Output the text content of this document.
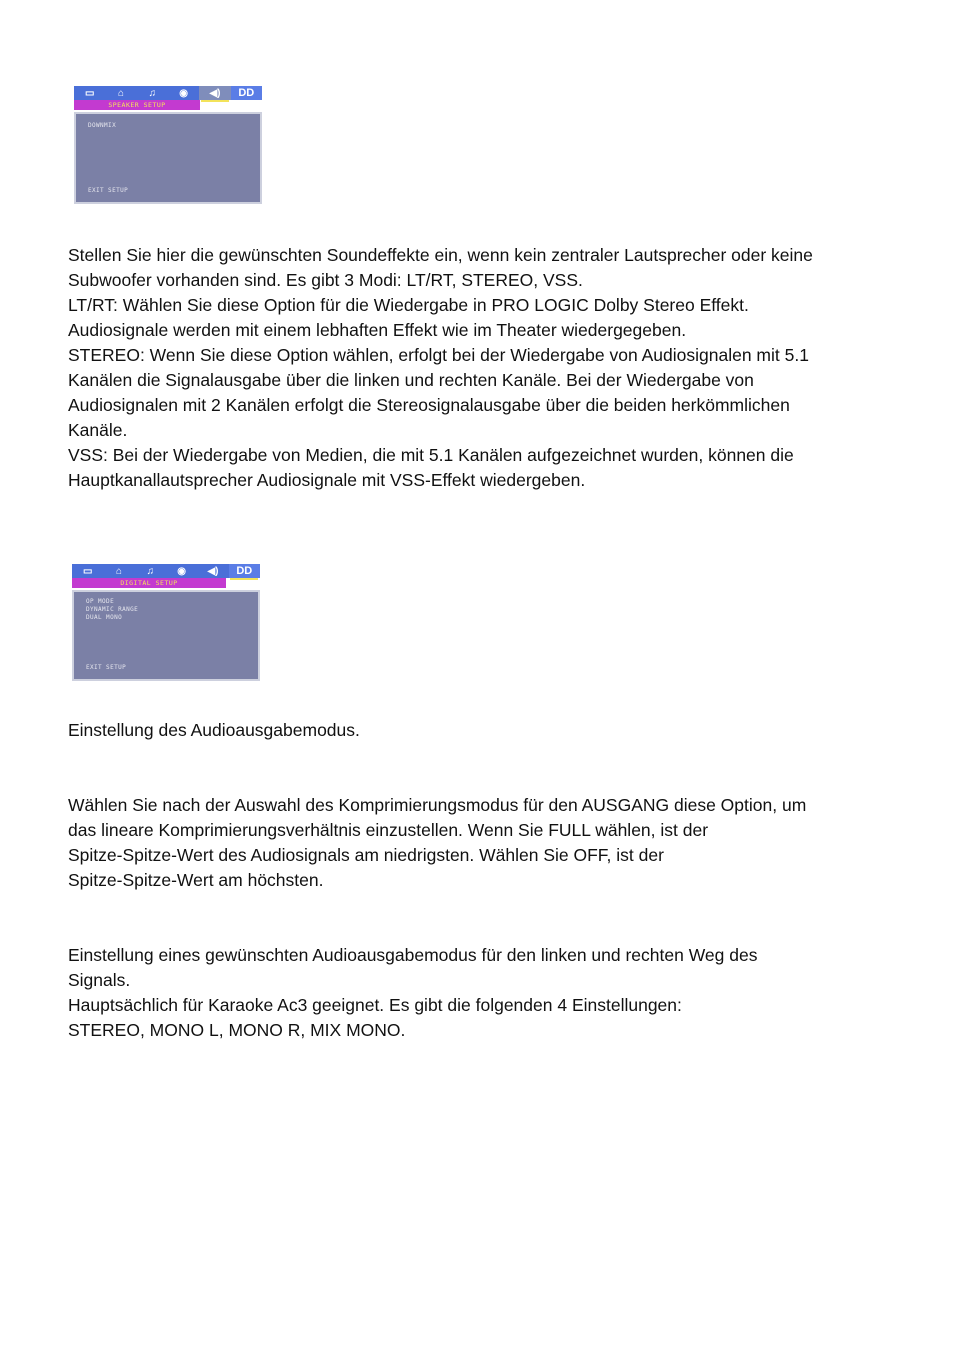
▭	⌂	♫	◉	◀)	DD
SPEAKER SETUP
DOWNMIX
EXIT SETUP

Stellen Sie hier die gewünschten Soundeffekte ein, wenn kein zentraler Lautsprecher oder keine
Subwoofer vorhanden sind. Es gibt 3 Modi: LT/RT, STEREO, VSS.
LT/RT: Wählen Sie diese Option für die Wiedergabe in PRO LOGIC Dolby Stereo Effekt.
Audiosignale werden mit einem lebhaften Effekt wie im Theater wiedergegeben.
STEREO: Wenn Sie diese Option wählen, erfolgt bei der Wiedergabe von Audiosignalen mit 5.1
Kanälen die Signalausgabe über die linken und rechten Kanäle. Bei der Wiedergabe von
Audiosignalen mit 2 Kanälen erfolgt die Stereosignalausgabe über die beiden herkömmlichen
Kanäle.
VSS: Bei der Wiedergabe von Medien, die mit 5.1 Kanälen aufgezeichnet wurden, können die
Hauptkanallautsprecher Audiosignale mit VSS-Effekt wiedergeben.

▭	⌂	♫	◉	◀)	DD
DIGITAL SETUP
OP MODE
DYNAMIC RANGE
DUAL MONO
EXIT SETUP

Einstellung des Audioausgabemodus.

Wählen Sie nach der Auswahl des Komprimierungsmodus für den AUSGANG diese Option, um
das lineare Komprimierungsverhältnis einzustellen. Wenn Sie FULL wählen, ist der
Spitze-Spitze-Wert des Audiosignals am niedrigsten. Wählen Sie OFF, ist der
Spitze-Spitze-Wert am höchsten.

Einstellung eines gewünschten Audioausgabemodus für den linken und rechten Weg des
Signals.
Hauptsächlich für Karaoke Ac3 geeignet. Es gibt die folgenden 4 Einstellungen:
STEREO, MONO L, MONO R, MIX MONO.
